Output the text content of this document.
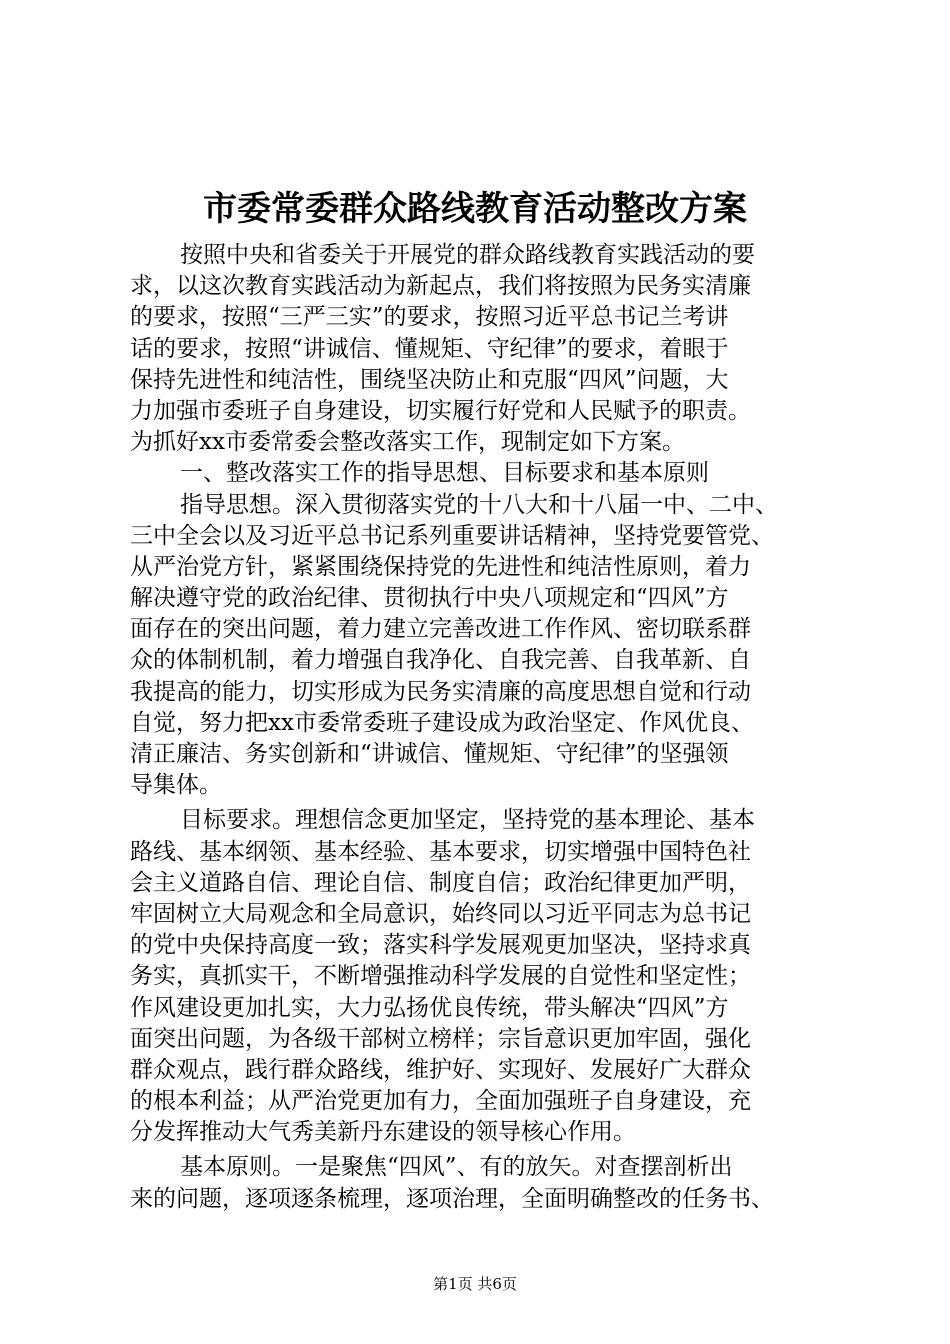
市委常委群众路线教育活动整改方案
按照中央和省委关于开展党的群众路线教育实践活动的要
求，以这次教育实践活动为新起点，我们将按照为民务实清廉
的要求，按照“三严三实”的要求，按照习近平总书记兰考讲
话的要求，按照“讲诚信、懂规矩、守纪律”的要求，着眼于
保持先进性和纯洁性，围绕坚决防止和克服“四风”问题，大
力加强市委班子自身建设，切实履行好党和人民赋予的职责。
为抓好xx市委常委会整改落实工作，现制定如下方案。
一、整改落实工作的指导思想、目标要求和基本原则
指导思想。深入贯彻落实党的十八大和十八届一中、二中、
三中全会以及习近平总书记系列重要讲话精神，坚持党要管党、
从严治党方针，紧紧围绕保持党的先进性和纯洁性原则，着力
解决遵守党的政治纪律、贯彻执行中央八项规定和“四风”方
面存在的突出问题，着力建立完善改进工作作风、密切联系群
众的体制机制，着力增强自我净化、自我完善、自我革新、自
我提高的能力，切实形成为民务实清廉的高度思想自觉和行动
自觉，努力把xx市委常委班子建设成为政治坚定、作风优良、
清正廉洁、务实创新和“讲诚信、懂规矩、守纪律”的坚强领
导集体。
目标要求。理想信念更加坚定，坚持党的基本理论、基本
路线、基本纲领、基本经验、基本要求，切实增强中国特色社
会主义道路自信、理论自信、制度自信；政治纪律更加严明，
牢固树立大局观念和全局意识，始终同以习近平同志为总书记
的党中央保持高度一致；落实科学发展观更加坚决，坚持求真
务实，真抓实干，不断增强推动科学发展的自觉性和坚定性；
作风建设更加扎实，大力弘扬优良传统，带头解决“四风”方
面突出问题，为各级干部树立榜样；宗旨意识更加牢固，强化
群众观点，践行群众路线，维护好、实现好、发展好广大群众
的根本利益；从严治党更加有力，全面加强班子自身建设，充
分发挥推动大气秀美新丹东建设的领导核心作用。
基本原则。一是聚焦“四风”、有的放矢。对查摆剖析出
来的问题，逐项逐条梳理，逐项治理，全面明确整改的任务书、
第1页 共6页
